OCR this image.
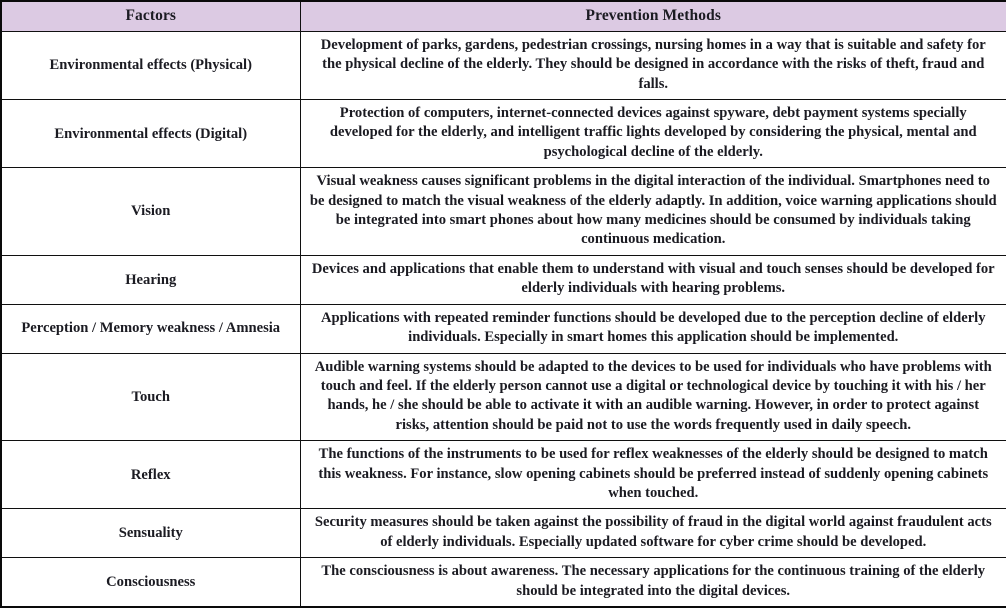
Factors	Prevention Methods
Environmental effects (Physical)	Development of parks, gardens, pedestrian crossings, nursing homes in a way that is suitable and safety for the physical decline of the elderly. They should be designed in accordance with the risks of theft, fraud and falls.

Environmental effects (Digital)	Protection of computers, internet-connected devices against spyware, debt payment systems specially developed for the elderly, and intelligent traffic lights developed by considering the physical, mental and psychological decline of the elderly.

Vision	Visual weakness causes significant problems in the digital interaction of the individual. Smartphones need to be designed to match the visual weakness of the elderly adaptly. In addition, voice warning applications should be integrated into smart phones about how many medicines should be consumed by individuals taking continuous medication.

Hearing	Devices and applications that enable them to understand with visual and touch senses should be developed for elderly individuals with hearing problems.

Perception / Memory weakness / Amnesia	Applications with repeated reminder functions should be developed due to the perception decline of elderly individuals. Especially in smart homes this application should be implemented.

Touch	Audible warning systems should be adapted to the devices to be used for individuals who have problems with touch and feel. If the elderly person cannot use a digital or technological device by touching it with his / her hands, he / she should be able to activate it with an audible warning. However, in order to protect against risks, attention should be paid not to use the words frequently used in daily speech.

Reflex	The functions of the instruments to be used for reflex weaknesses of the elderly should be designed to match this weakness. For instance, slow opening cabinets should be preferred instead of suddenly opening cabinets when touched.

Sensuality	Security measures should be taken against the possibility of fraud in the digital world against fraudulent acts of elderly individuals. Especially updated software for cyber crime should be developed.

Consciousness	The consciousness is about awareness. The necessary applications for the continuous training of the elderly should be integrated into the digital devices.
